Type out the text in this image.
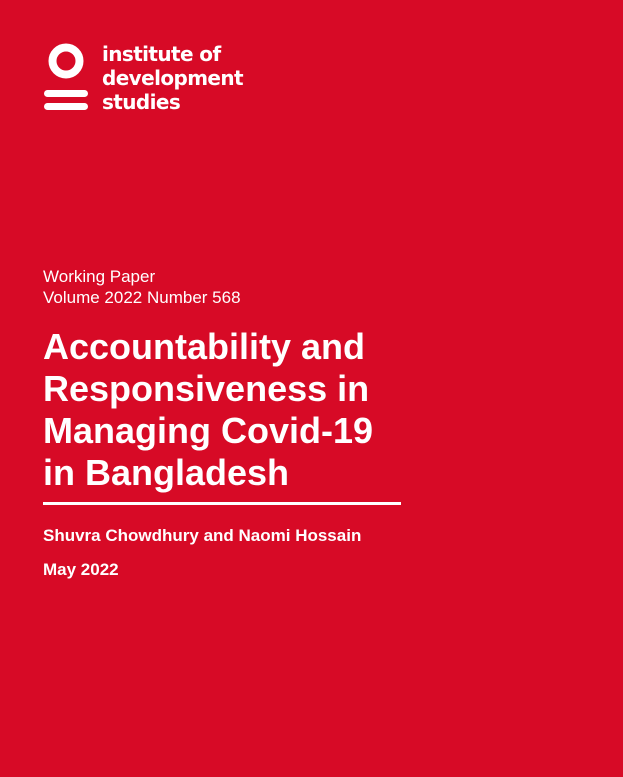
institute of
development
studies
Working Paper
Volume 2022 Number 568
Accountability and
Responsiveness in
Managing Covid-19
in Bangladesh
Shuvra Chowdhury and Naomi Hossain
May 2022
